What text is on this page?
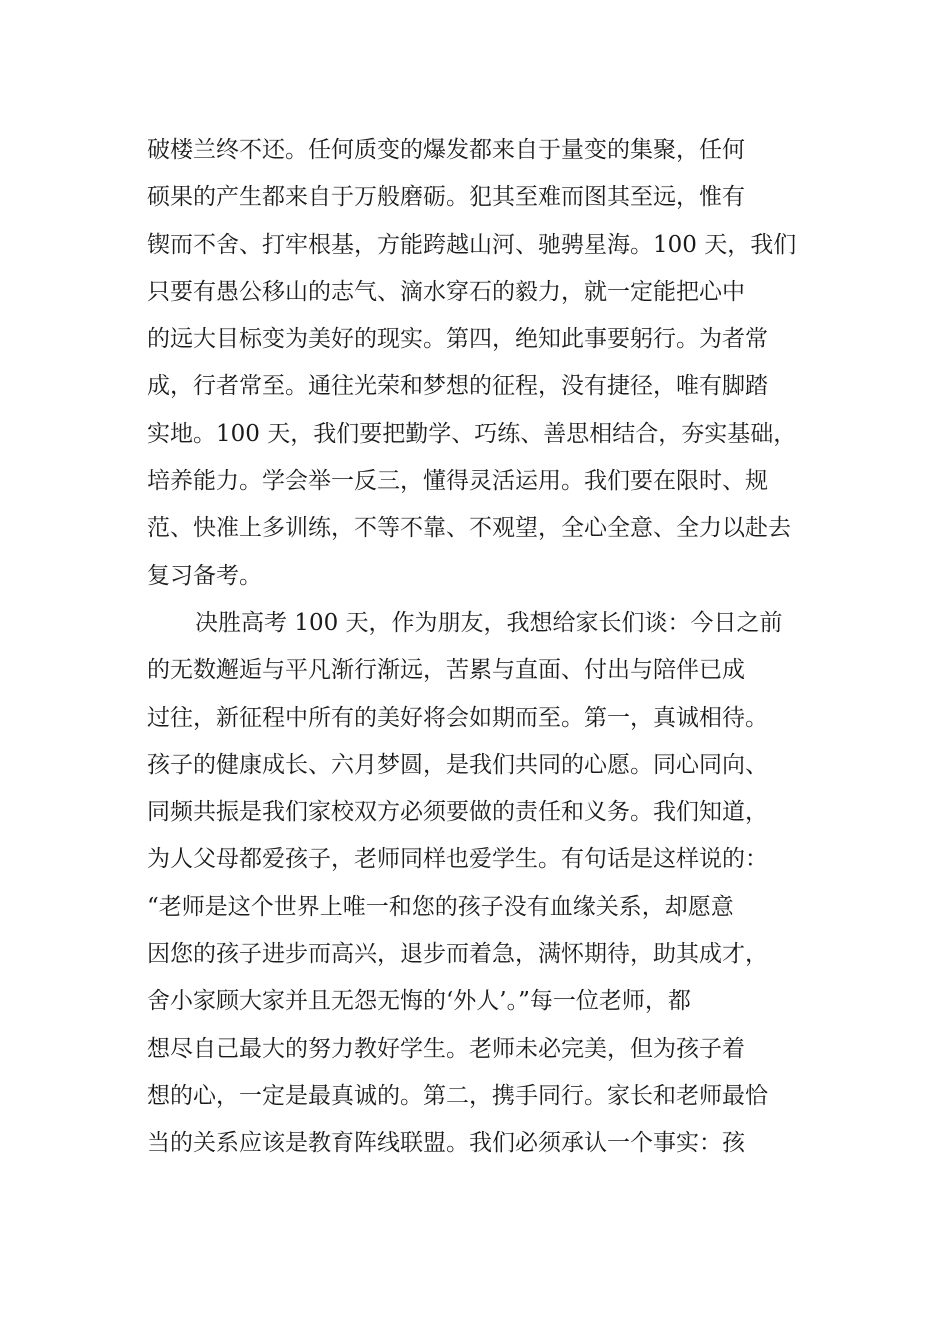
破楼兰终不还。任何质变的爆发都来自于量变的集聚，任何
硕果的产生都来自于万般磨砺。犯其至难而图其至远，惟有
锲而不舍、打牢根基，方能跨越山河、驰骋星海。100 天，我们
只要有愚公移山的志气、滴水穿石的毅力，就一定能把心中
的远大目标变为美好的现实。第四，绝知此事要躬行。为者常
成，行者常至。通往光荣和梦想的征程，没有捷径，唯有脚踏
实地。100 天，我们要把勤学、巧练、善思相结合，夯实基础，
培养能力。学会举一反三，懂得灵活运用。我们要在限时、规
范、快准上多训练，不等不靠、不观望，全心全意、全力以赴去
复习备考。
决胜高考 100 天，作为朋友，我想给家长们谈：今日之前
的无数邂逅与平凡渐行渐远，苦累与直面、付出与陪伴已成
过往，新征程中所有的美好将会如期而至。第一，真诚相待。
孩子的健康成长、六月梦圆，是我们共同的心愿。同心同向、
同频共振是我们家校双方必须要做的责任和义务。我们知道，
为人父母都爱孩子，老师同样也爱学生。有句话是这样说的：
“老师是这个世界上唯一和您的孩子没有血缘关系，却愿意
因您的孩子进步而高兴，退步而着急，满怀期待，助其成才，
舍小家顾大家并且无怨无悔的‘外人’。”每一位老师，都
想尽自己最大的努力教好学生。老师未必完美，但为孩子着
想的心，一定是最真诚的。第二，携手同行。家长和老师最恰
当的关系应该是教育阵线联盟。我们必须承认一个事实：孩
